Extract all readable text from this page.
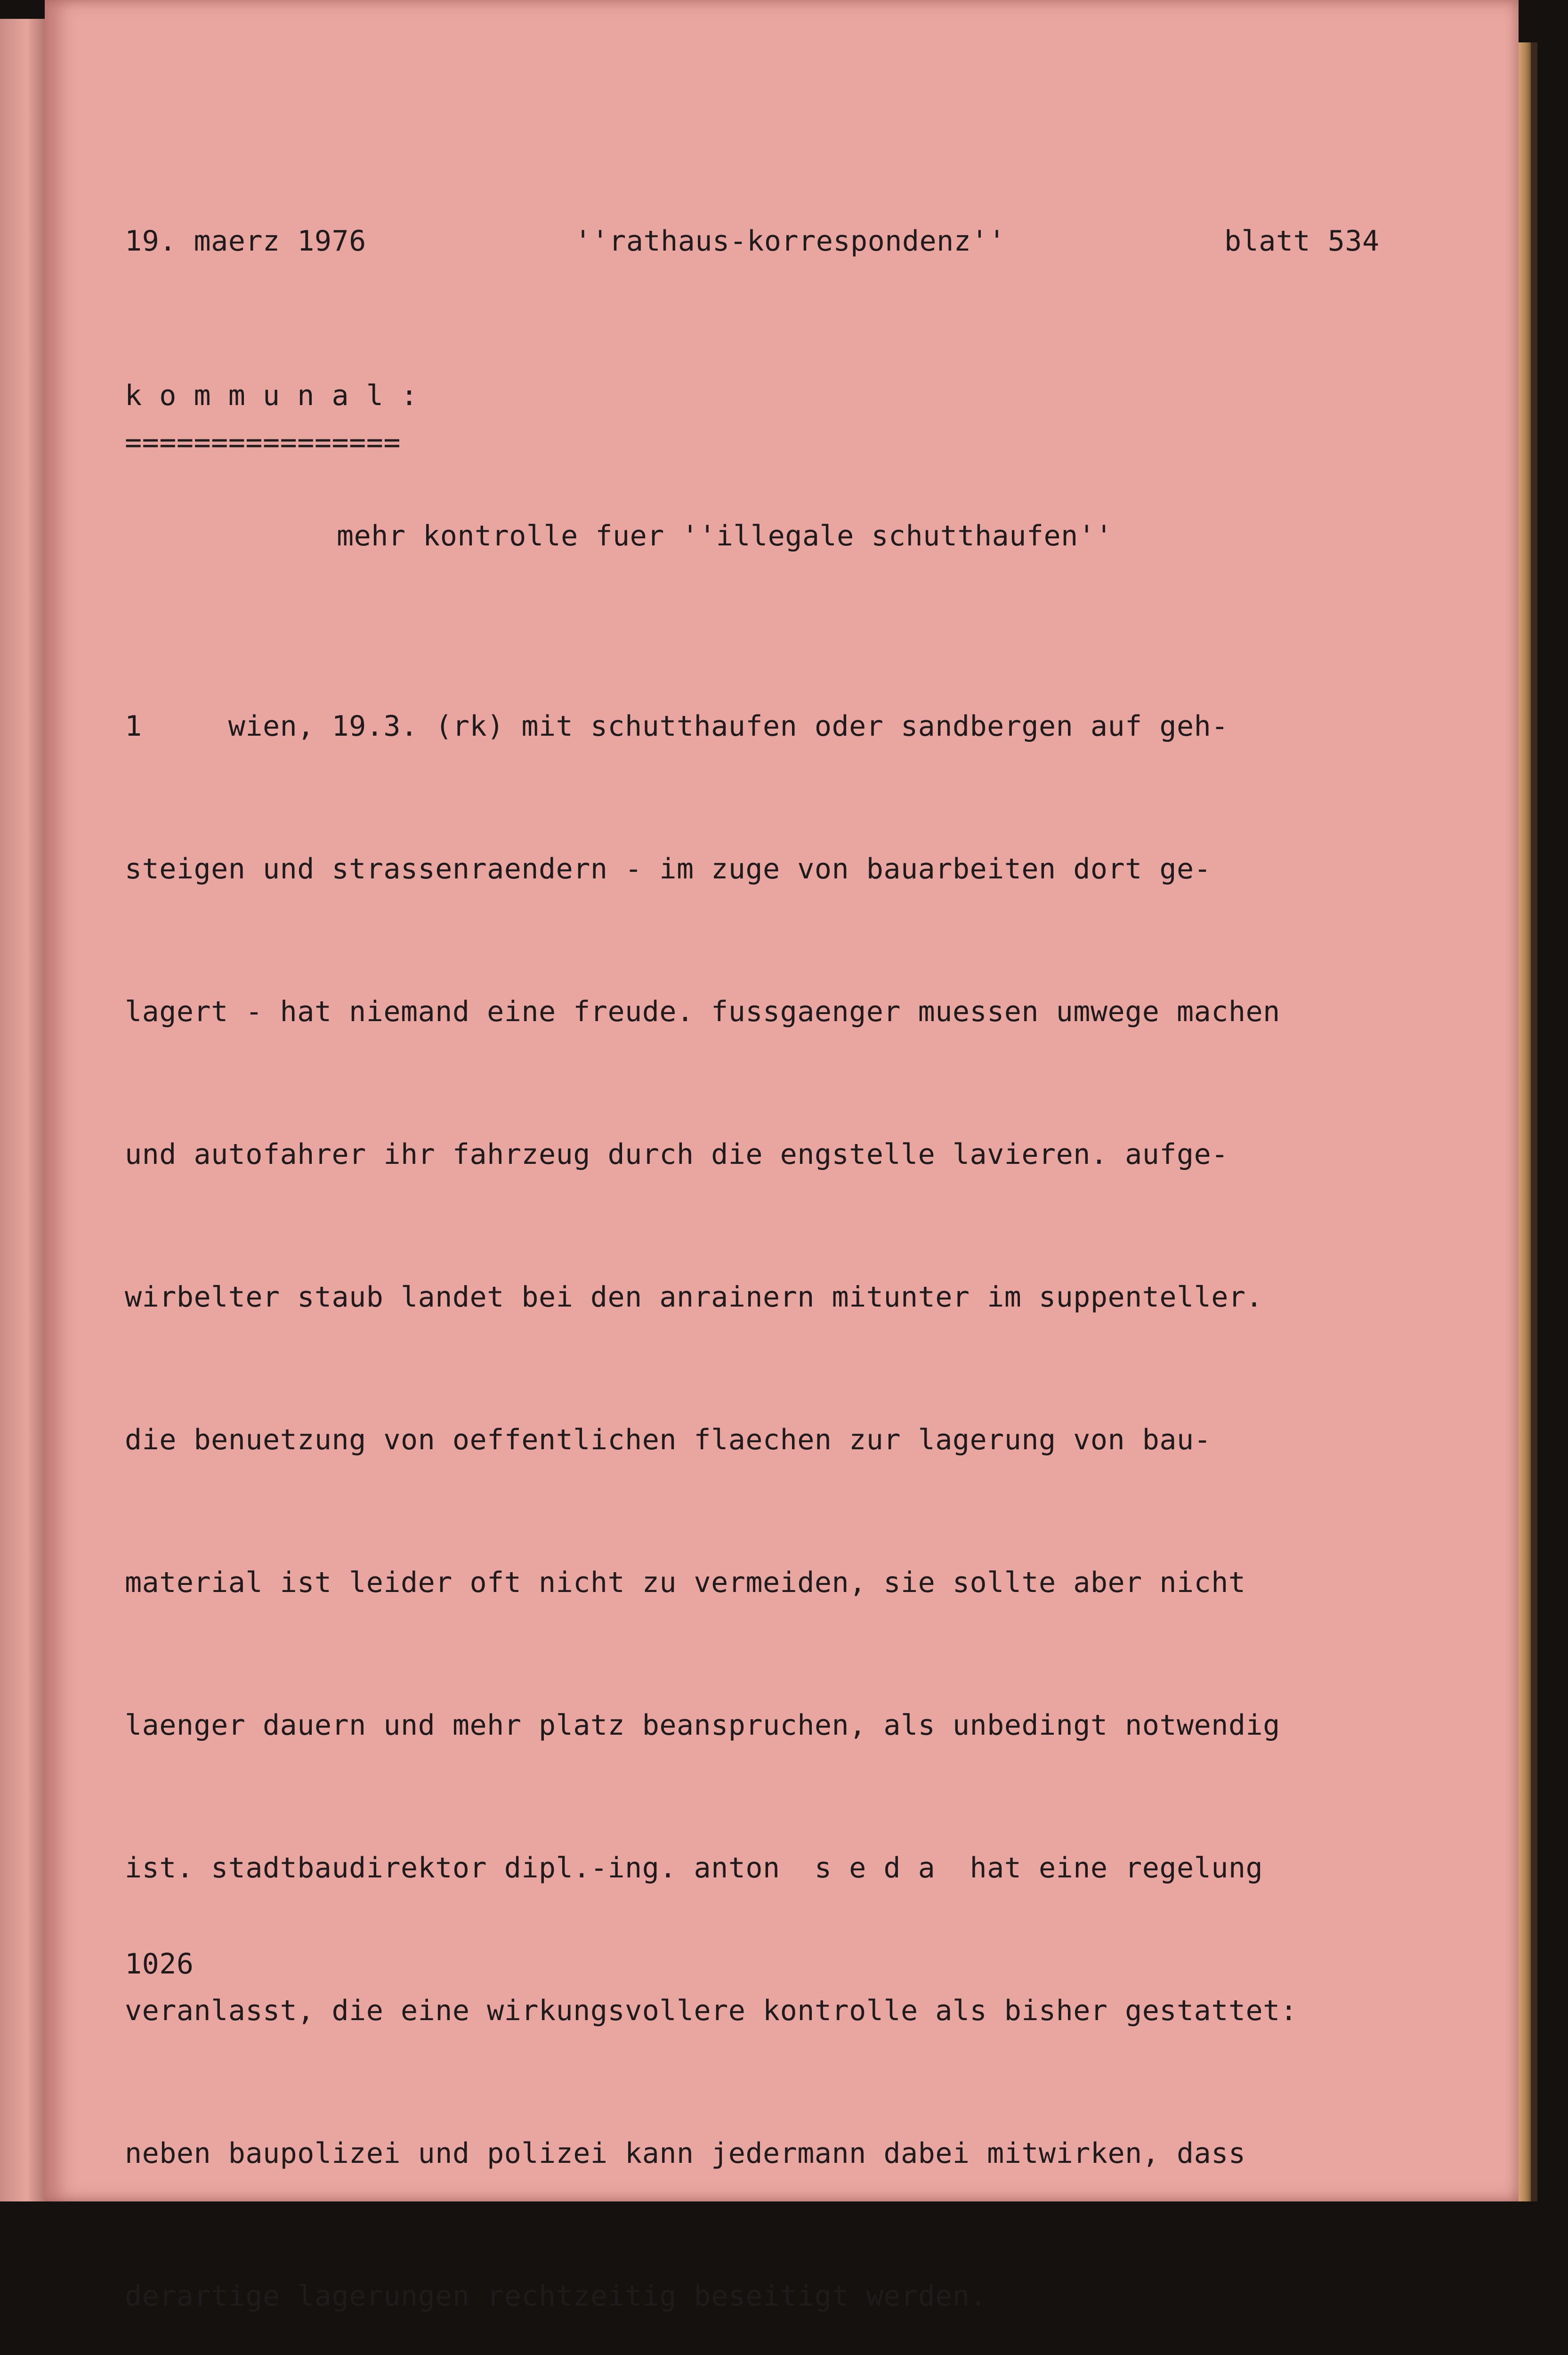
19. maerz 1976	''rathaus-korrespondenz''	blatt 534
k o m m u n a l :
================
mehr kontrolle fuer ''illegale schutthaufen''

1     wien, 19.3. (rk) mit schutthaufen oder sandbergen auf geh-

steigen und strassenraendern - im zuge von bauarbeiten dort ge-

lagert - hat niemand eine freude. fussgaenger muessen umwege machen

und autofahrer ihr fahrzeug durch die engstelle lavieren. aufge-

wirbelter staub landet bei den anrainern mitunter im suppenteller.

die benuetzung von oeffentlichen flaechen zur lagerung von bau-

material ist leider oft nicht zu vermeiden, sie sollte aber nicht

laenger dauern und mehr platz beanspruchen, als unbedingt notwendig

ist. stadtbaudirektor dipl.-ing. anton  s e d a  hat eine regelung

veranlasst, die eine wirkungsvollere kontrolle als bisher gestattet:

neben baupolizei und polizei kann jedermann dabei mitwirken, dass

derartige lagerungen rechtzeitig beseitigt werden.

1026
